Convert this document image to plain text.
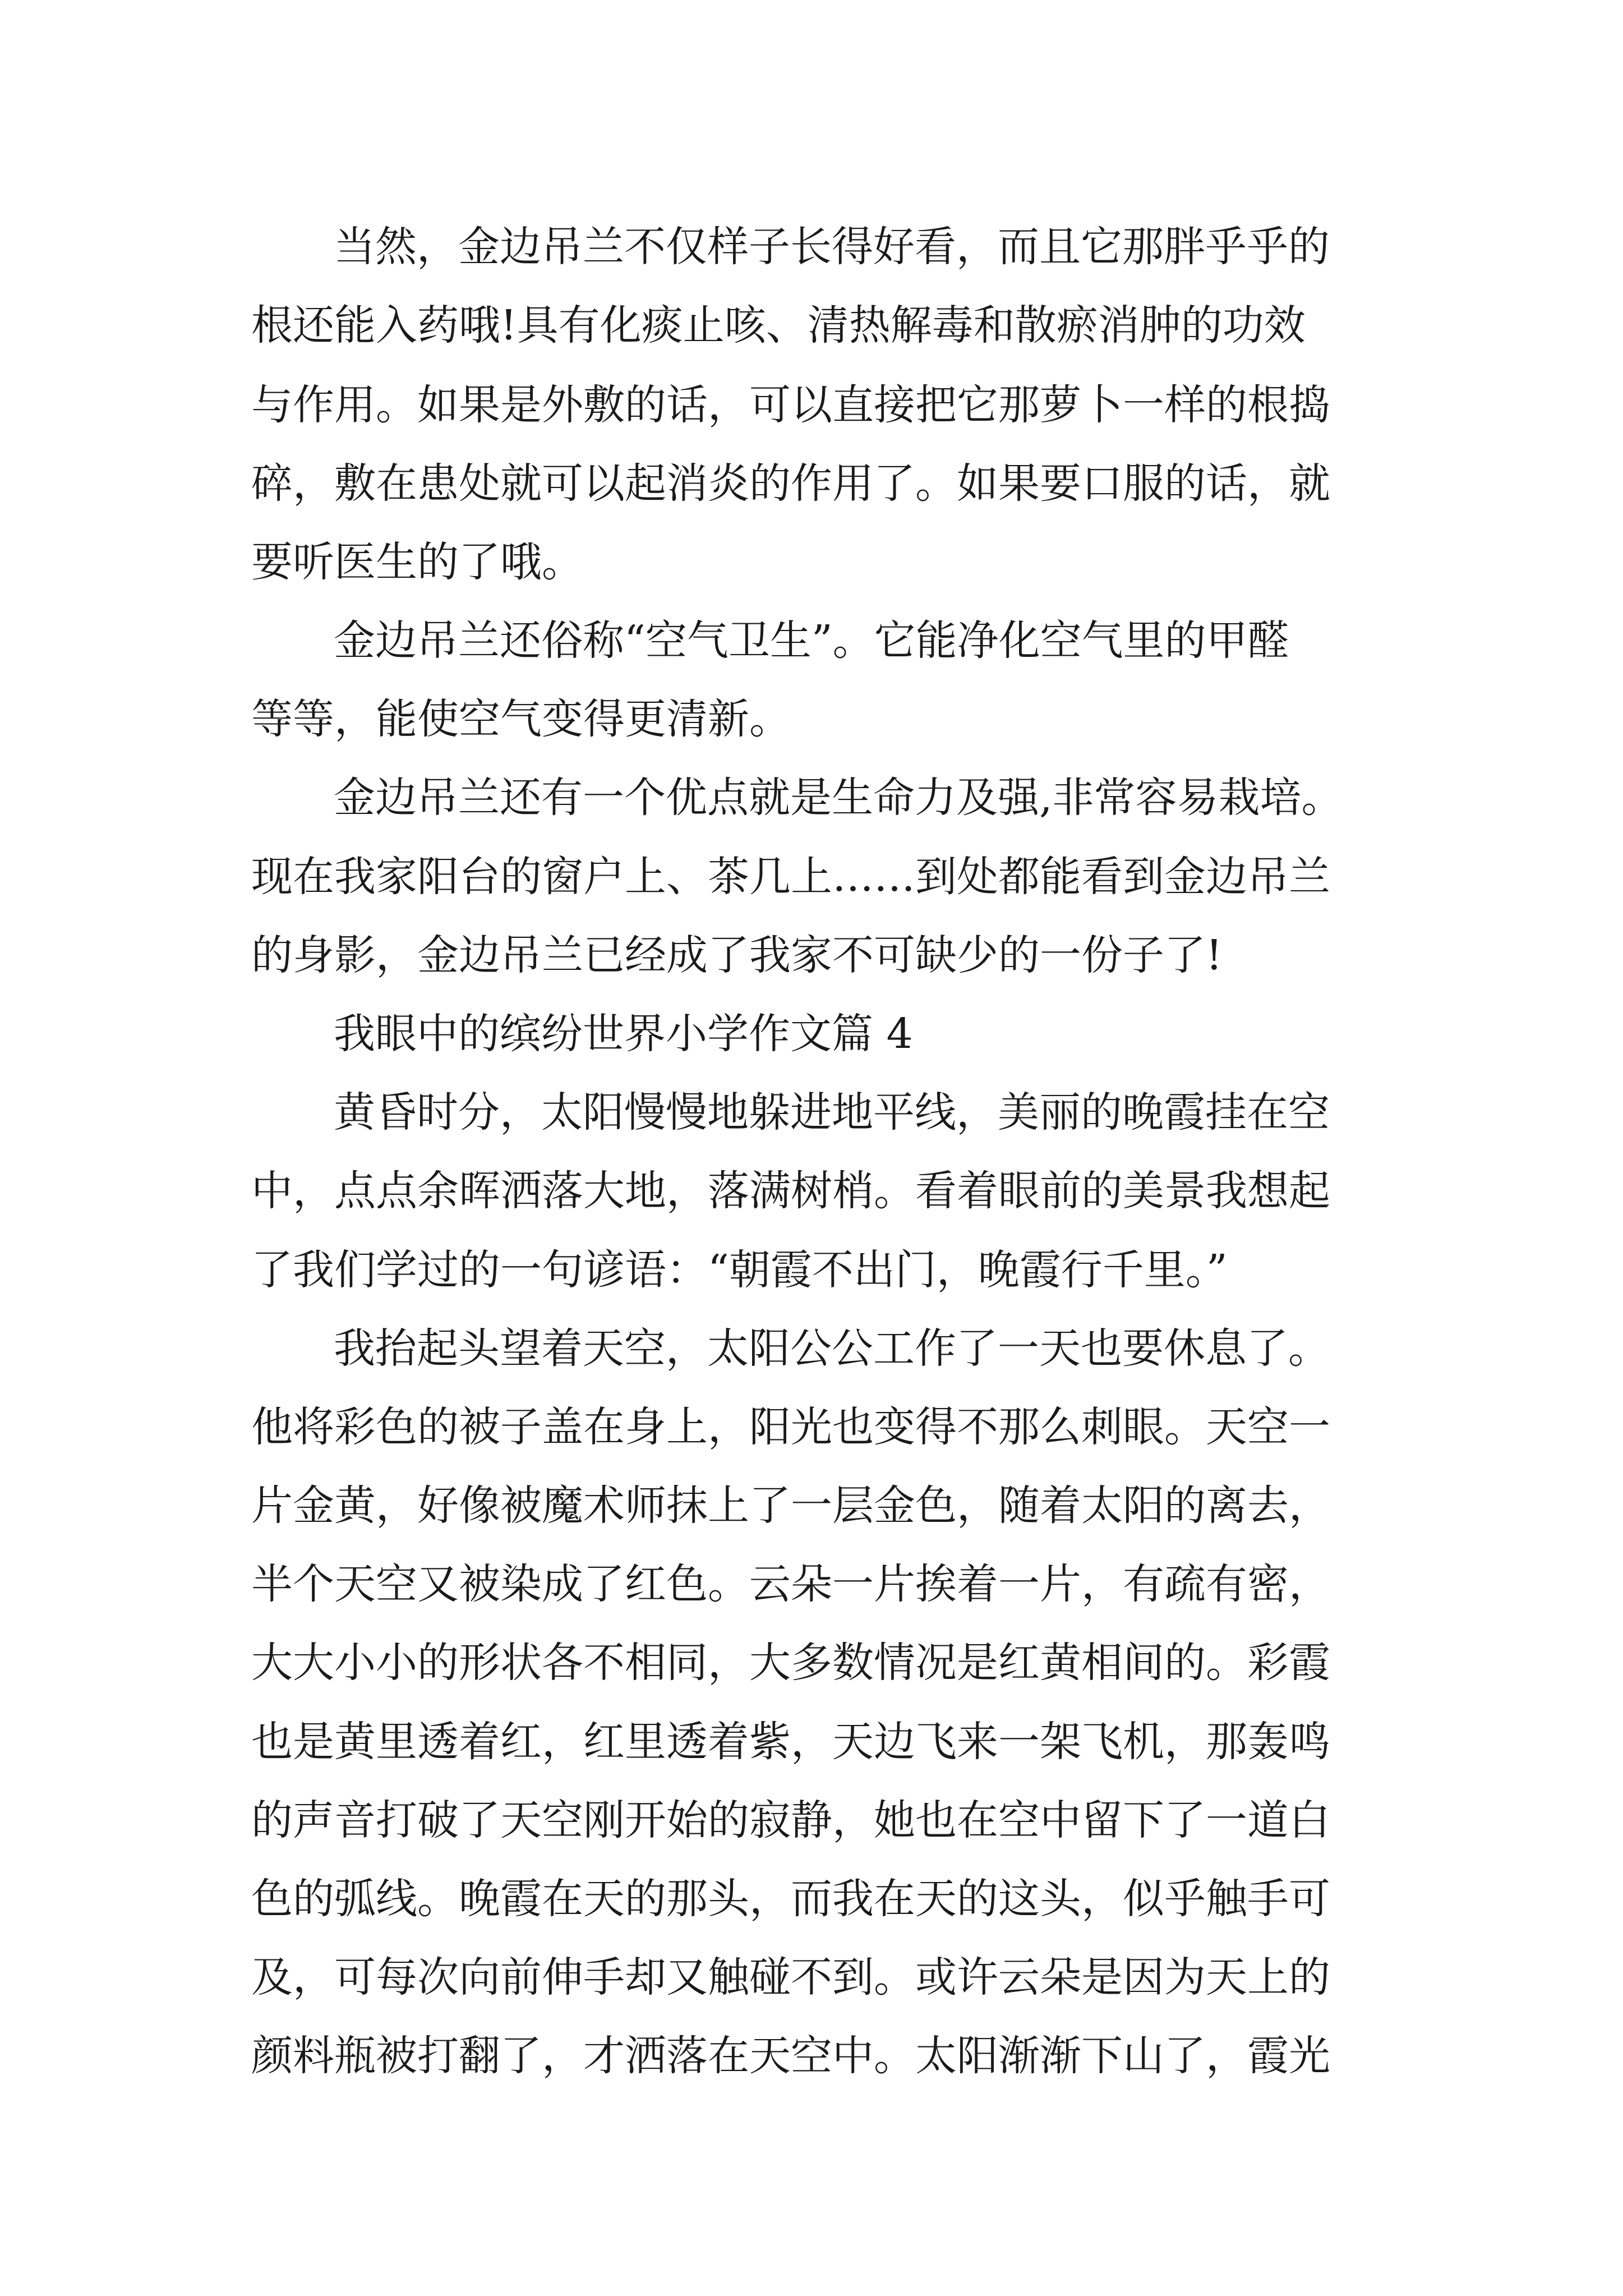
当然，金边吊兰不仅样子长得好看，而且它那胖乎乎的

根还能入药哦!具有化痰止咳、清热解毒和散瘀消肿的功效

与作用。如果是外敷的话，可以直接把它那萝卜一样的根捣

碎，敷在患处就可以起消炎的作用了。如果要口服的话，就

要听医生的了哦。

金边吊兰还俗称“空气卫生”。它能净化空气里的甲醛

等等，能使空气变得更清新。

金边吊兰还有一个优点就是生命力及强,非常容易栽培。

现在我家阳台的窗户上、茶几上……到处都能看到金边吊兰

的身影，金边吊兰已经成了我家不可缺少的一份子了!

我眼中的缤纷世界小学作文篇 4

黄昏时分，太阳慢慢地躲进地平线，美丽的晚霞挂在空

中，点点余晖洒落大地，落满树梢。看着眼前的美景我想起

了我们学过的一句谚语：“朝霞不出门，晚霞行千里。”

我抬起头望着天空，太阳公公工作了一天也要休息了。

他将彩色的被子盖在身上，阳光也变得不那么刺眼。天空一

片金黄，好像被魔术师抹上了一层金色，随着太阳的离去，

半个天空又被染成了红色。云朵一片挨着一片，有疏有密，

大大小小的形状各不相同，大多数情况是红黄相间的。彩霞

也是黄里透着红，红里透着紫，天边飞来一架飞机，那轰鸣

的声音打破了天空刚开始的寂静，她也在空中留下了一道白

色的弧线。晚霞在天的那头，而我在天的这头，似乎触手可

及，可每次向前伸手却又触碰不到。或许云朵是因为天上的

颜料瓶被打翻了，才洒落在天空中。太阳渐渐下山了，霞光
